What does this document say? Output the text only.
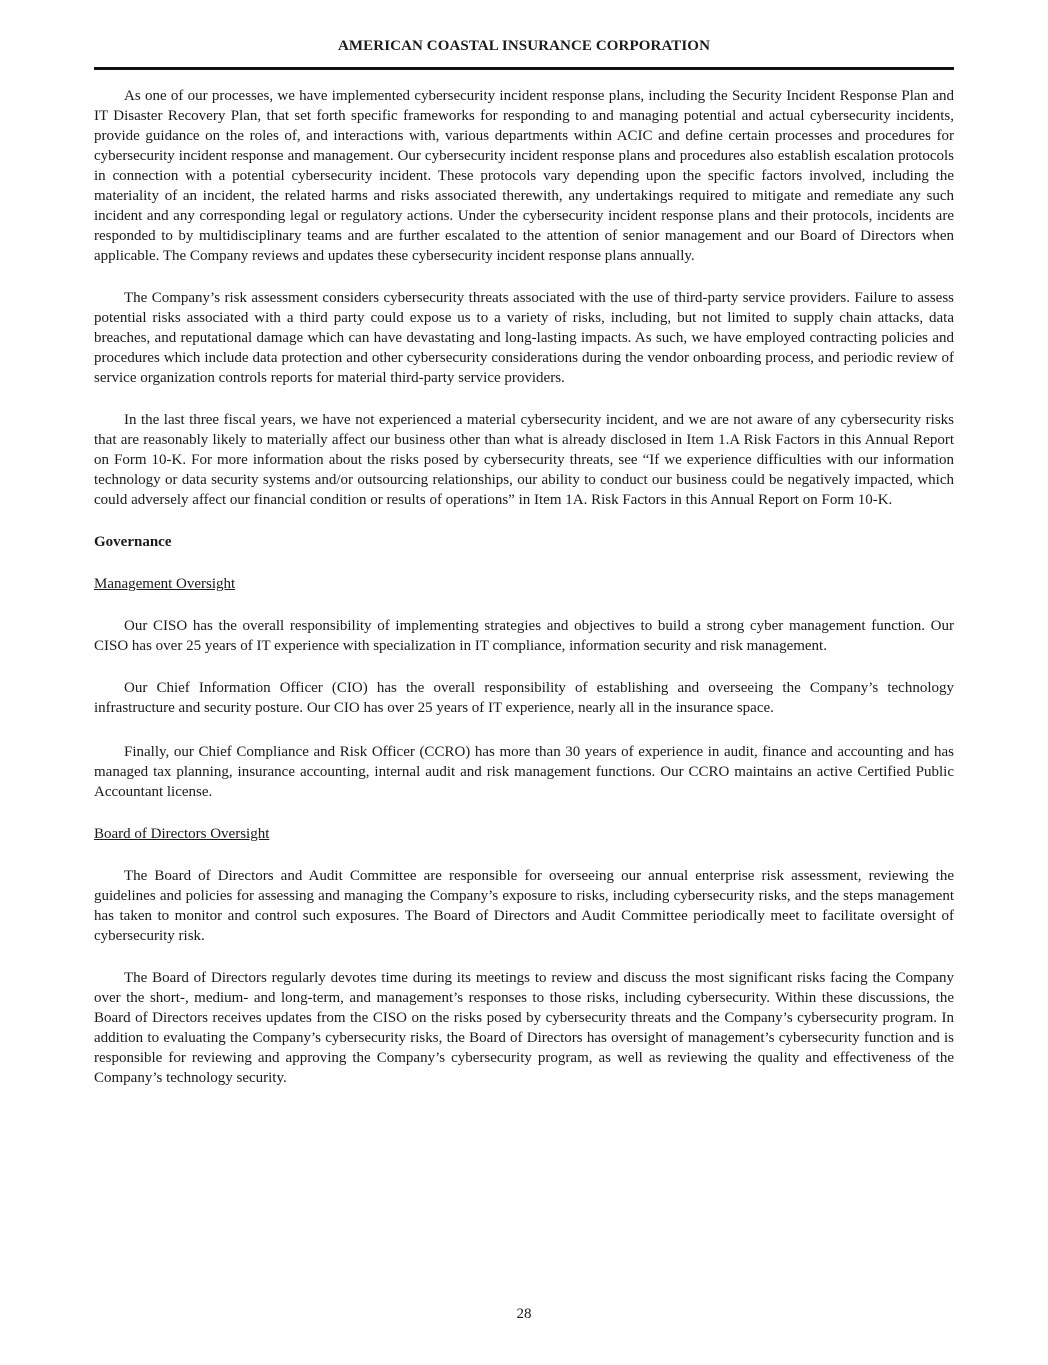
AMERICAN COASTAL INSURANCE CORPORATION

As one of our processes, we have implemented cybersecurity incident response plans, including the Security Incident Response Plan and IT Disaster Recovery Plan, that set forth specific frameworks for responding to and managing potential and actual cybersecurity incidents, provide guidance on the roles of, and interactions with, various departments within ACIC and define certain processes and procedures for cybersecurity incident response and management. Our cybersecurity incident response plans and procedures also establish escalation protocols in connection with a potential cybersecurity incident. These protocols vary depending upon the specific factors involved, including the materiality of an incident, the related harms and risks associated therewith, any undertakings required to mitigate and remediate any such incident and any corresponding legal or regulatory actions. Under the cybersecurity incident response plans and their protocols, incidents are responded to by multidisciplinary teams and are further escalated to the attention of senior management and our Board of Directors when applicable. The Company reviews and updates these cybersecurity incident response plans annually.

The Company’s risk assessment considers cybersecurity threats associated with the use of third-party service providers. Failure to assess potential risks associated with a third party could expose us to a variety of risks, including, but not limited to supply chain attacks, data breaches, and reputational damage which can have devastating and long-lasting impacts. As such, we have employed contracting policies and procedures which include data protection and other cybersecurity considerations during the vendor onboarding process, and periodic review of service organization controls reports for material third-party service providers.

In the last three fiscal years, we have not experienced a material cybersecurity incident, and we are not aware of any cybersecurity risks that are reasonably likely to materially affect our business other than what is already disclosed in Item 1.A Risk Factors in this Annual Report on Form 10-K. For more information about the risks posed by cybersecurity threats, see “If we experience difficulties with our information technology or data security systems and/or outsourcing relationships, our ability to conduct our business could be negatively impacted, which could adversely affect our financial condition or results of operations” in Item 1A. Risk Factors in this Annual Report on Form 10-K.

Governance

Management Oversight

Our CISO has the overall responsibility of implementing strategies and objectives to build a strong cyber management function. Our CISO has over 25 years of IT experience with specialization in IT compliance, information security and risk management.

Our Chief Information Officer (CIO) has the overall responsibility of establishing and overseeing the Company’s technology infrastructure and security posture. Our CIO has over 25 years of IT experience, nearly all in the insurance space.

Finally, our Chief Compliance and Risk Officer (CCRO) has more than 30 years of experience in audit, finance and accounting and has managed tax planning, insurance accounting, internal audit and risk management functions. Our CCRO maintains an active Certified Public Accountant license.

Board of Directors Oversight

The Board of Directors and Audit Committee are responsible for overseeing our annual enterprise risk assessment, reviewing the guidelines and policies for assessing and managing the Company’s exposure to risks, including cybersecurity risks, and the steps management has taken to monitor and control such exposures. The Board of Directors and Audit Committee periodically meet to facilitate oversight of cybersecurity risk.

The Board of Directors regularly devotes time during its meetings to review and discuss the most significant risks facing the Company over the short-, medium- and long-term, and management’s responses to those risks, including cybersecurity. Within these discussions, the Board of Directors receives updates from the CISO on the risks posed by cybersecurity threats and the Company’s cybersecurity program. In addition to evaluating the Company’s cybersecurity risks, the Board of Directors has oversight of management’s cybersecurity function and is responsible for reviewing and approving the Company’s cybersecurity program, as well as reviewing the quality and effectiveness of the Company’s technology security.

28
